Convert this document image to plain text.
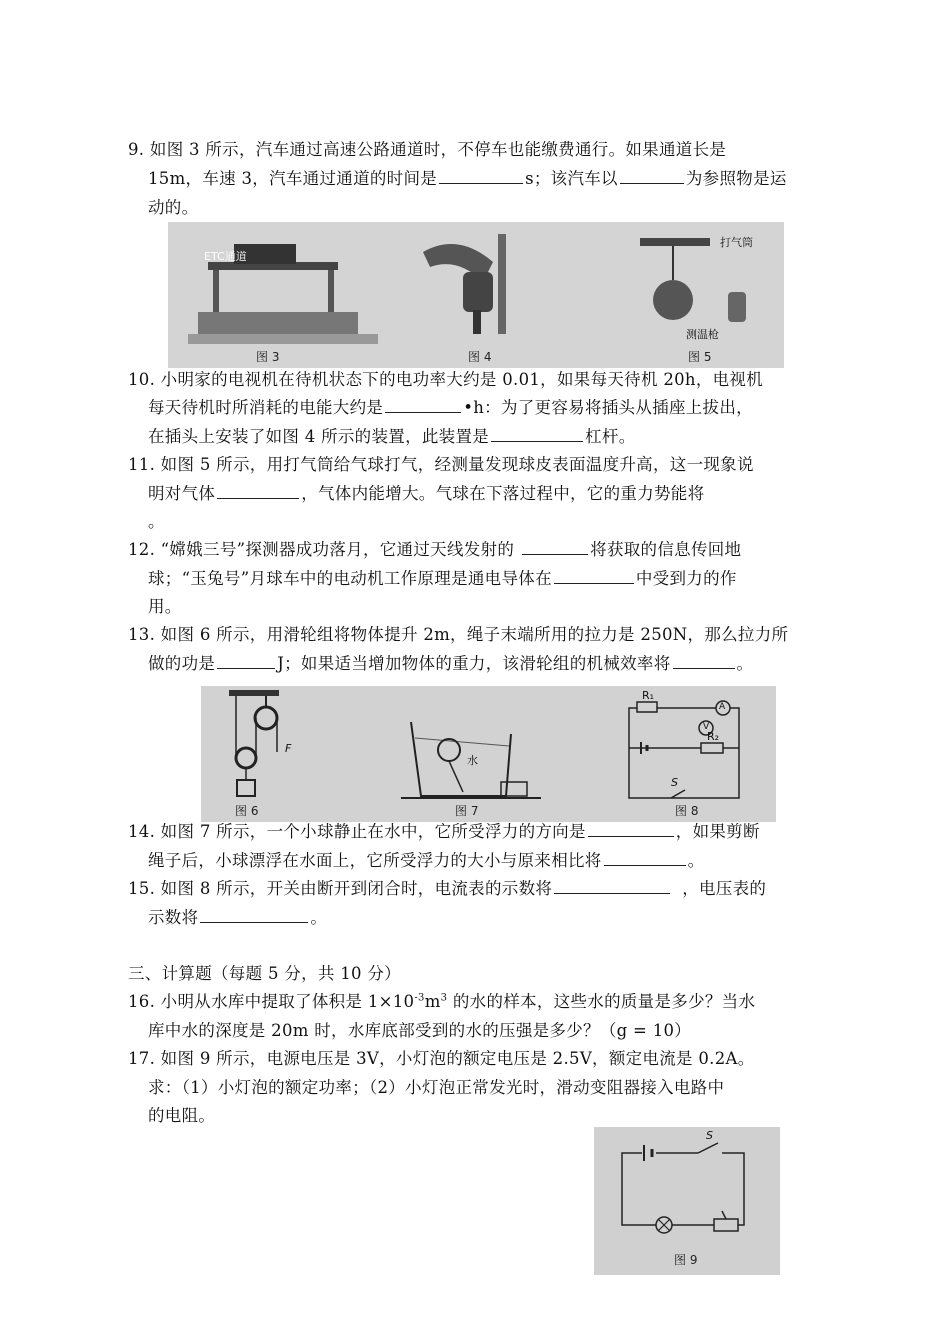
9. 如图 3 所示，汽车通过高速公路通道时，不停车也能缴费通行。如果通道长是
15m，车速 3，汽车通过通道的时间是	s；该汽车以	为参照物是运
动的。
ETC通道
打气筒
测温枪
图 3	图 4	图 5
10. 小明家的电视机在待机状态下的电功率大约是 0.01，如果每天待机 20h，电视机
每天待机时所消耗的电能大约是	•h：为了更容易将插头从插座上拔出，
在插头上安装了如图 4 所示的装置，此装置是	杠杆。
11. 如图 5 所示，用打气筒给气球打气，经测量发现球皮表面温度升高，这一现象说
明对气体	，气体内能增大。气球在下落过程中，它的重力势能将
。
12. “嫦娥三号”探测器成功落月，它通过天线发射的	将获取的信息传回地
球；“玉兔号”月球车中的电动机工作原理是通电导体在	中受到力的作
用。
13. 如图 6 所示，用滑轮组将物体提升 2m，绳子末端所用的拉力是 250N，那么拉力所
做的功是	J；如果适当增加物体的重力，该滑轮组的机械效率将	。
F
水
R₁
V
A
R₂
S
图 6	图 7	图 8
14. 如图 7 所示，一个小球静止在水中，它所受浮力的方向是	，如果剪断
绳子后，小球漂浮在水面上，它所受浮力的大小与原来相比将	。
15. 如图 8 所示，开关由断开到闭合时，电流表的示数将	，电压表的
示数将	。
三、计算题（每题 5 分，共 10 分）
16. 小明从水库中提取了体积是 $1\times 10^{-3}m^3$ 的水的样本，这些水的质量是多少？当水
库中水的深度是 20m 时，水库底部受到的水的压强是多少？（g = 10）
17. 如图 9 所示，电源电压是 3V，小灯泡的额定电压是 2.5V，额定电流是 0.2A。
求：（1）小灯泡的额定功率；（2）小灯泡正常发光时，滑动变阻器接入电路中
的电阻。
S
图 9
